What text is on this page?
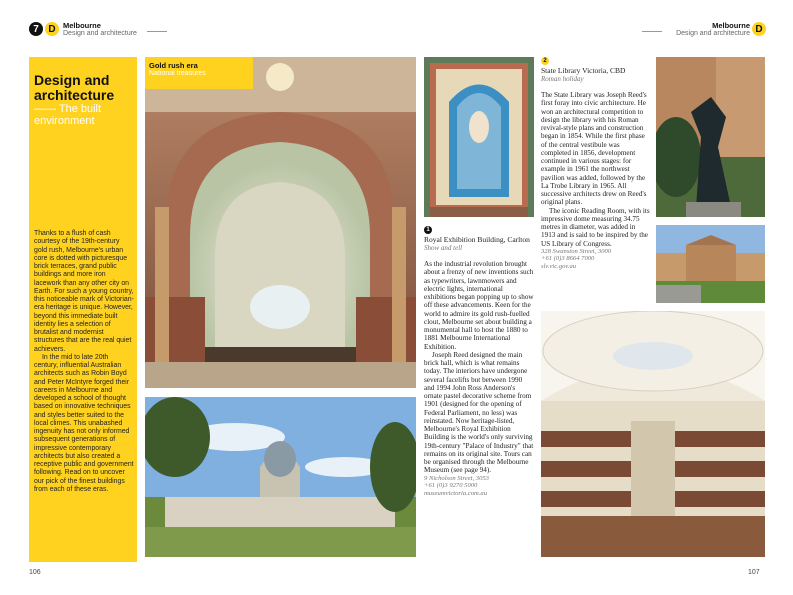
7 D Melbourne
Design and architecture
Melbourne
Design and architecture D
Design and
architecture
—— The built
environment
Thanks to a flush of cash courtesy of the 19th-century gold rush, Melbourne's urban core is dotted with picturesque brick terraces, grand public buildings and more iron lacework than any other city on Earth. For such a young country, this noticeable mark of Victorian-era heritage is unique. However, beyond this immediate built identity lies a selection of brutalist and modernist structures that are the real quiet achievers.
In the mid to late 20th century, influential Australian architects such as Robin Boyd and Peter McIntyre forged their careers in Melbourne and developed a school of thought based on innovative techniques and styles better suited to the local climes. This unabashed ingenuity has not only informed subsequent generations of impressive contemporary architects but also created a receptive public and government following. Read on to uncover our pick of the finest buildings from each of these eras.
Gold rush era
National treasures
1
Royal Exhibition Building, Carlton
Show and tell

As the industrial revolution brought about a frenzy of new inventions such as typewriters, lawnmowers and electric lights, international exhibitions began popping up to show off these advancements. Keen for the world to admire its gold rush-fuelled clout, Melbourne set about building a monumental hall to host the 1880 to 1881 Melbourne International Exhibition.

Joseph Reed designed the main brick hall, which is what remains today. The interiors have undergone several facelifts but between 1990 and 1994 John Ross Anderson's ornate pastel decorative scheme from 1901 (designed for the opening of Federal Parliament, no less) was reinstated. Now heritage-listed, Melbourne's Royal Exhibition Building is the world's only surviving 19th-century "Palace of Industry" that remains on its original site. Tours can be organised through the Melbourne Museum (see page 94).

9 Nicholson Street, 3053
+61 (0)3 9270 5000
museumvictoria.com.au
2
State Library Victoria, CBD
Roman holiday

The State Library was Joseph Reed's first foray into civic architecture. He won an architectural competition to design the library with his Roman revival-style plans and construction began in 1854. While the first phase of the central vestibule was completed in 1856, development continued in various stages: for example in 1961 the northwest pavilion was added, followed by the La Trobe Library in 1965. All successive architects drew on Reed's original plans.

The iconic Reading Room, with its impressive dome measuring 34.75 metres in diameter, was added in 1913 and is said to be inspired by the US Library of Congress.

328 Swanston Street, 3000
+61 (0)3 8664 7000
slv.vic.gov.au
106	107
